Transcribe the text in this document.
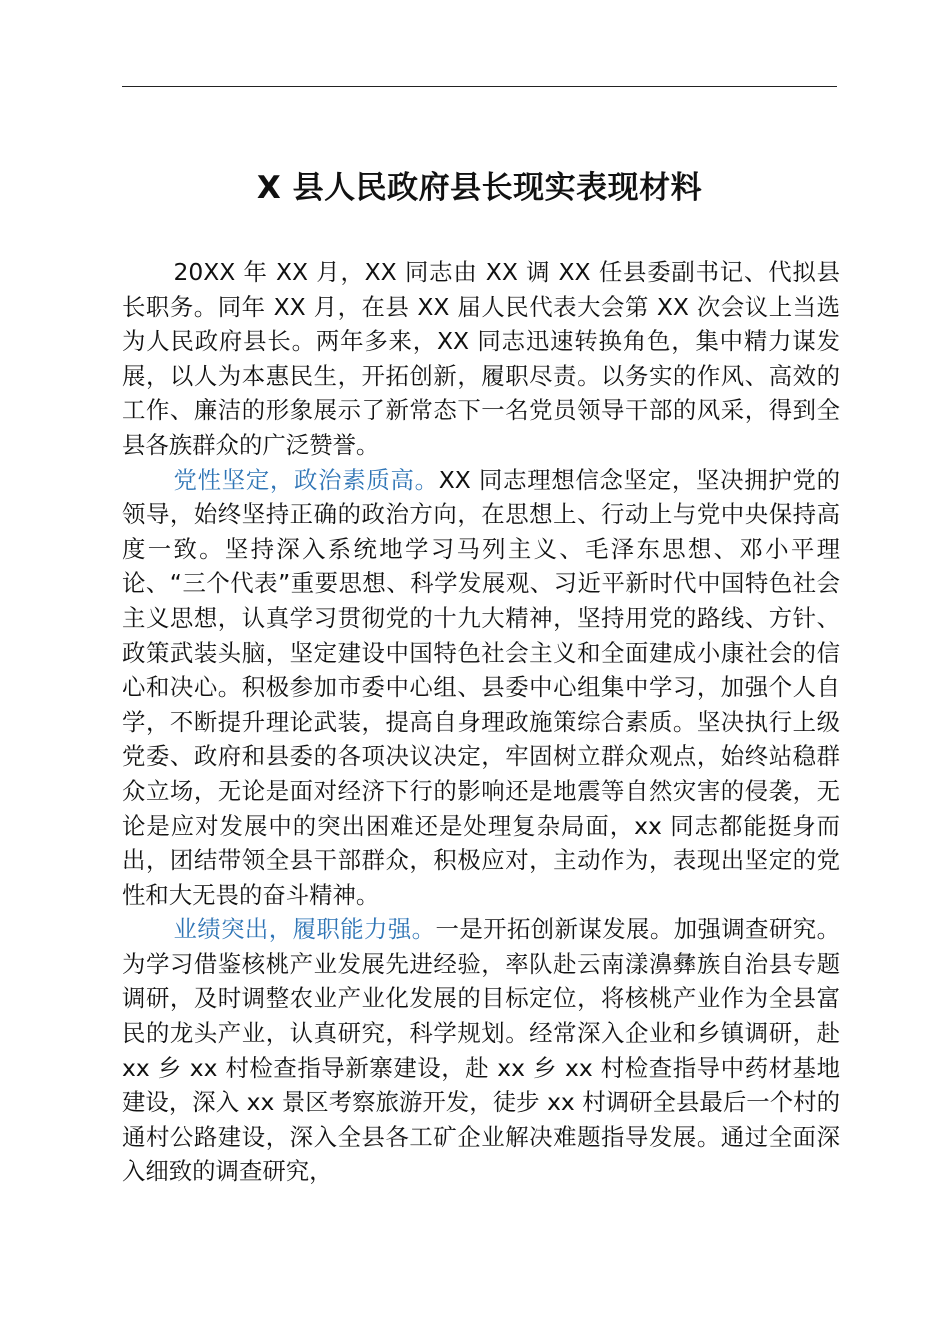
X 县人民政府县长现实表现材料

20XX 年 XX 月，XX 同志由 XX 调 XX 任县委副书记、代拟县长职务。同年 XX 月，在县 XX 届人民代表大会第 XX 次会议上当选为人民政府县长。两年多来，XX 同志迅速转换角色，集中精力谋发展，以人为本惠民生，开拓创新，履职尽责。以务实的作风、高效的工作、廉洁的形象展示了新常态下一名党员领导干部的风采，得到全县各族群众的广泛赞誉。

党性坚定，政治素质高。XX 同志理想信念坚定，坚决拥护党的领导，始终坚持正确的政治方向，在思想上、行动上与党中央保持高度一致。坚持深入系统地学习马列主义、毛泽东思想、邓小平理论、“三个代表”重要思想、科学发展观、习近平新时代中国特色社会主义思想，认真学习贯彻党的十九大精神，坚持用党的路线、方针、政策武装头脑，坚定建设中国特色社会主义和全面建成小康社会的信心和决心。积极参加市委中心组、县委中心组集中学习，加强个人自学，不断提升理论武装，提高自身理政施策综合素质。坚决执行上级党委、政府和县委的各项决议决定，牢固树立群众观点，始终站稳群众立场，无论是面对经济下行的影响还是地震等自然灾害的侵袭，无论是应对发展中的突出困难还是处理复杂局面，xx 同志都能挺身而出，团结带领全县干部群众，积极应对，主动作为，表现出坚定的党性和大无畏的奋斗精神。

业绩突出，履职能力强。一是开拓创新谋发展。加强调查研究。为学习借鉴核桃产业发展先进经验，率队赴云南漾濞彝族自治县专题调研，及时调整农业产业化发展的目标定位，将核桃产业作为全县富民的龙头产业，认真研究，科学规划。经常深入企业和乡镇调研，赴 xx 乡 xx 村检查指导新寨建设，赴 xx 乡 xx 村检查指导中药材基地建设，深入 xx 景区考察旅游开发，徒步 xx 村调研全县最后一个村的通村公路建设，深入全县各工矿企业解决难题指导发展。通过全面深入细致的调查研究，
